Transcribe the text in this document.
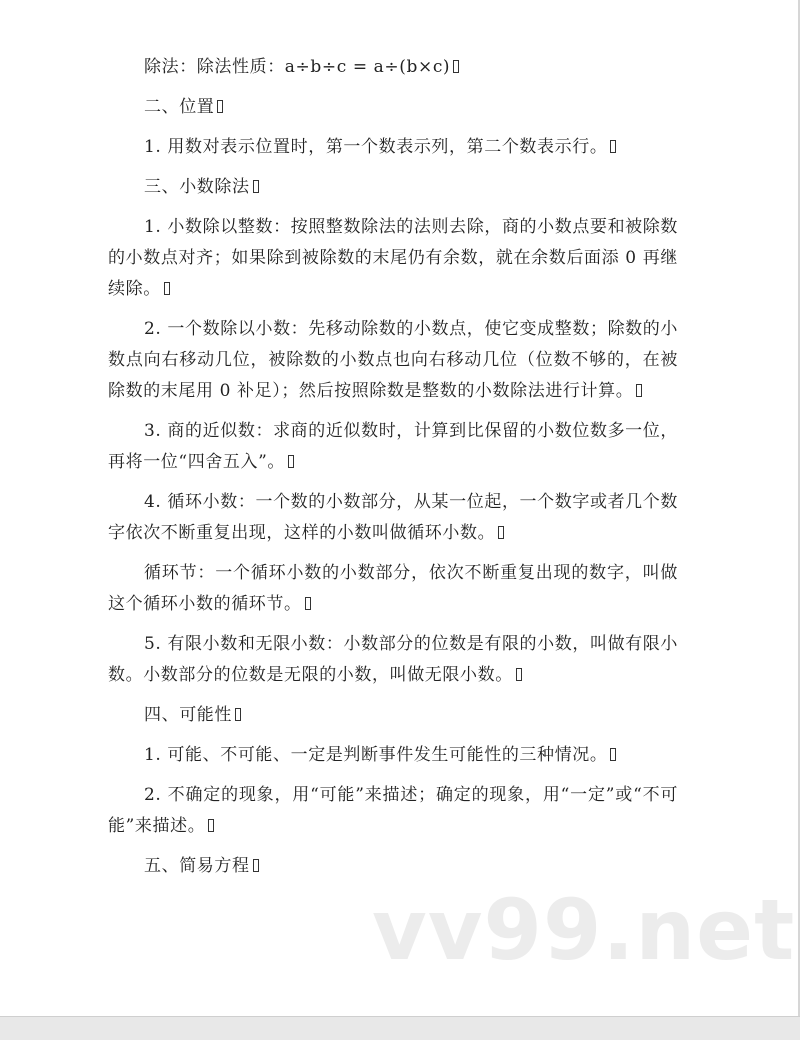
除法：除法性质：a÷b÷c = a÷(b×c)

二、位置

1. 用数对表示位置时，第一个数表示列，第二个数表示行。

三、小数除法

1. 小数除以整数：按照整数除法的法则去除，商的小数点要和被除数的小数点对齐；如果除到被除数的末尾仍有余数，就在余数后面添 0 再继续除。

2. 一个数除以小数：先移动除数的小数点，使它变成整数；除数的小数点向右移动几位，被除数的小数点也向右移动几位（位数不够的，在被除数的末尾用 0 补足）；然后按照除数是整数的小数除法进行计算。

3. 商的近似数：求商的近似数时，计算到比保留的小数位数多一位，再将一位“四舍五入”。

4. 循环小数：一个数的小数部分，从某一位起，一个数字或者几个数字依次不断重复出现，这样的小数叫做循环小数。

循环节：一个循环小数的小数部分，依次不断重复出现的数字，叫做这个循环小数的循环节。

5. 有限小数和无限小数：小数部分的位数是有限的小数，叫做有限小数。小数部分的位数是无限的小数，叫做无限小数。

四、可能性

1. 可能、不可能、一定是判断事件发生可能性的三种情况。

2. 不确定的现象，用“可能”来描述；确定的现象，用“一定”或“不可能”来描述。

五、简易方程

vv99.net
